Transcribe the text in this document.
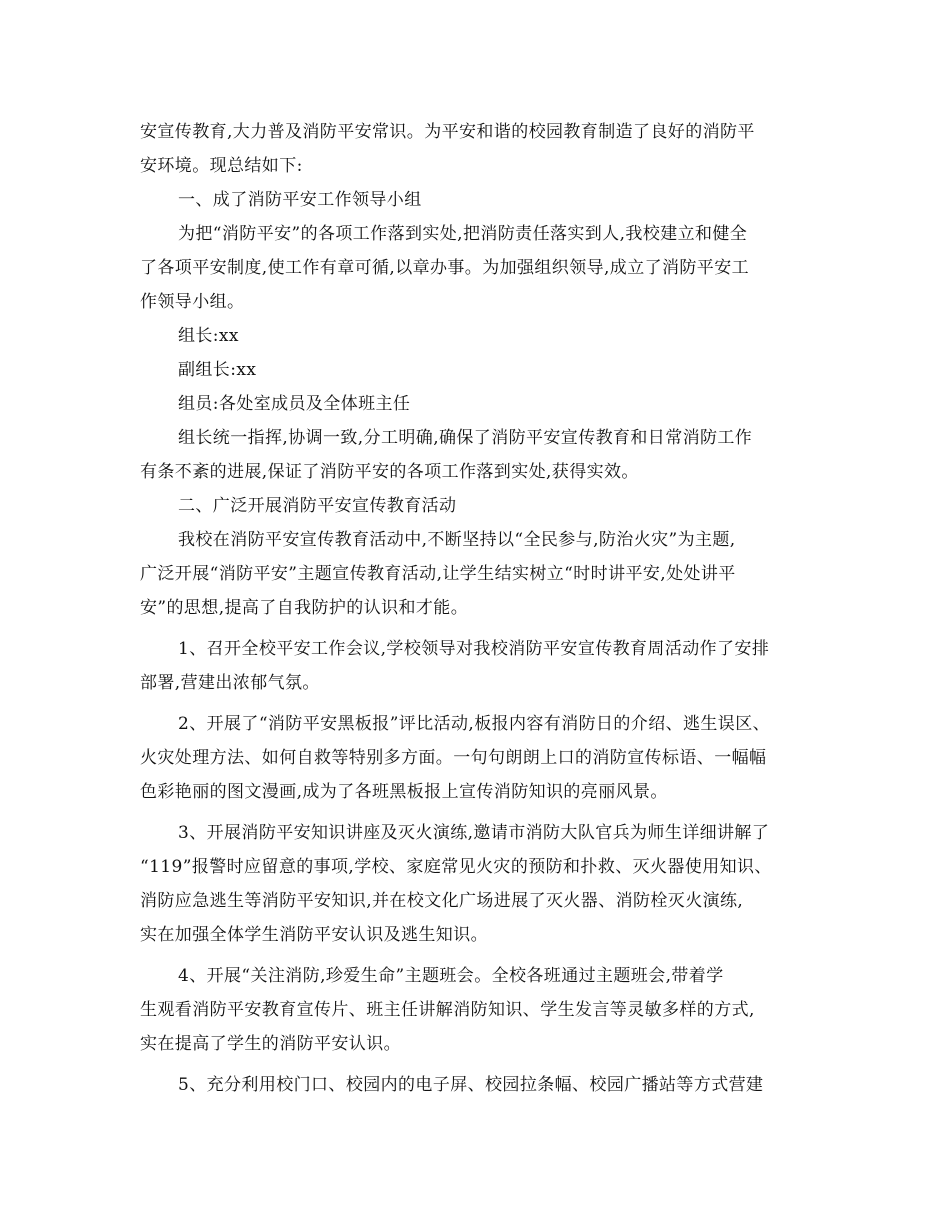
安宣传教育,大力普及消防平安常识。为平安和谐的校园教育制造了良好的消防平
安环境。现总结如下:
一、成了消防平安工作领导小组
为把“消防平安”的各项工作落到实处,把消防责任落实到人,我校建立和健全
了各项平安制度,使工作有章可循,以章办事。为加强组织领导,成立了消防平安工
作领导小组。
组长:xx
副组长:xx
组员:各处室成员及全体班主任
组长统一指挥,协调一致,分工明确,确保了消防平安宣传教育和日常消防工作
有条不紊的进展,保证了消防平安的各项工作落到实处,获得实效。
二、广泛开展消防平安宣传教育活动
我校在消防平安宣传教育活动中,不断坚持以“全民参与,防治火灾”为主题,
广泛开展“消防平安”主题宣传教育活动,让学生结实树立“时时讲平安,处处讲平
安”的思想,提高了自我防护的认识和才能。
1、召开全校平安工作会议,学校领导对我校消防平安宣传教育周活动作了安排
部署,营建出浓郁气氛。
2、开展了“消防平安黑板报”评比活动,板报内容有消防日的介绍、逃生误区、
火灾处理方法、如何自救等特别多方面。一句句朗朗上口的消防宣传标语、一幅幅
色彩艳丽的图文漫画,成为了各班黑板报上宣传消防知识的亮丽风景。
3、开展消防平安知识讲座及灭火演练,邀请市消防大队官兵为师生详细讲解了
“119”报警时应留意的事项,学校、家庭常见火灾的预防和扑救、灭火器使用知识、
消防应急逃生等消防平安知识,并在校文化广场进展了灭火器、消防栓灭火演练,
实在加强全体学生消防平安认识及逃生知识。
4、开展“关注消防,珍爱生命”主题班会。全校各班通过主题班会,带着学
生观看消防平安教育宣传片、班主任讲解消防知识、学生发言等灵敏多样的方式,
实在提高了学生的消防平安认识。
5、充分利用校门口、校园内的电子屏、校园拉条幅、校园广播站等方式营建
